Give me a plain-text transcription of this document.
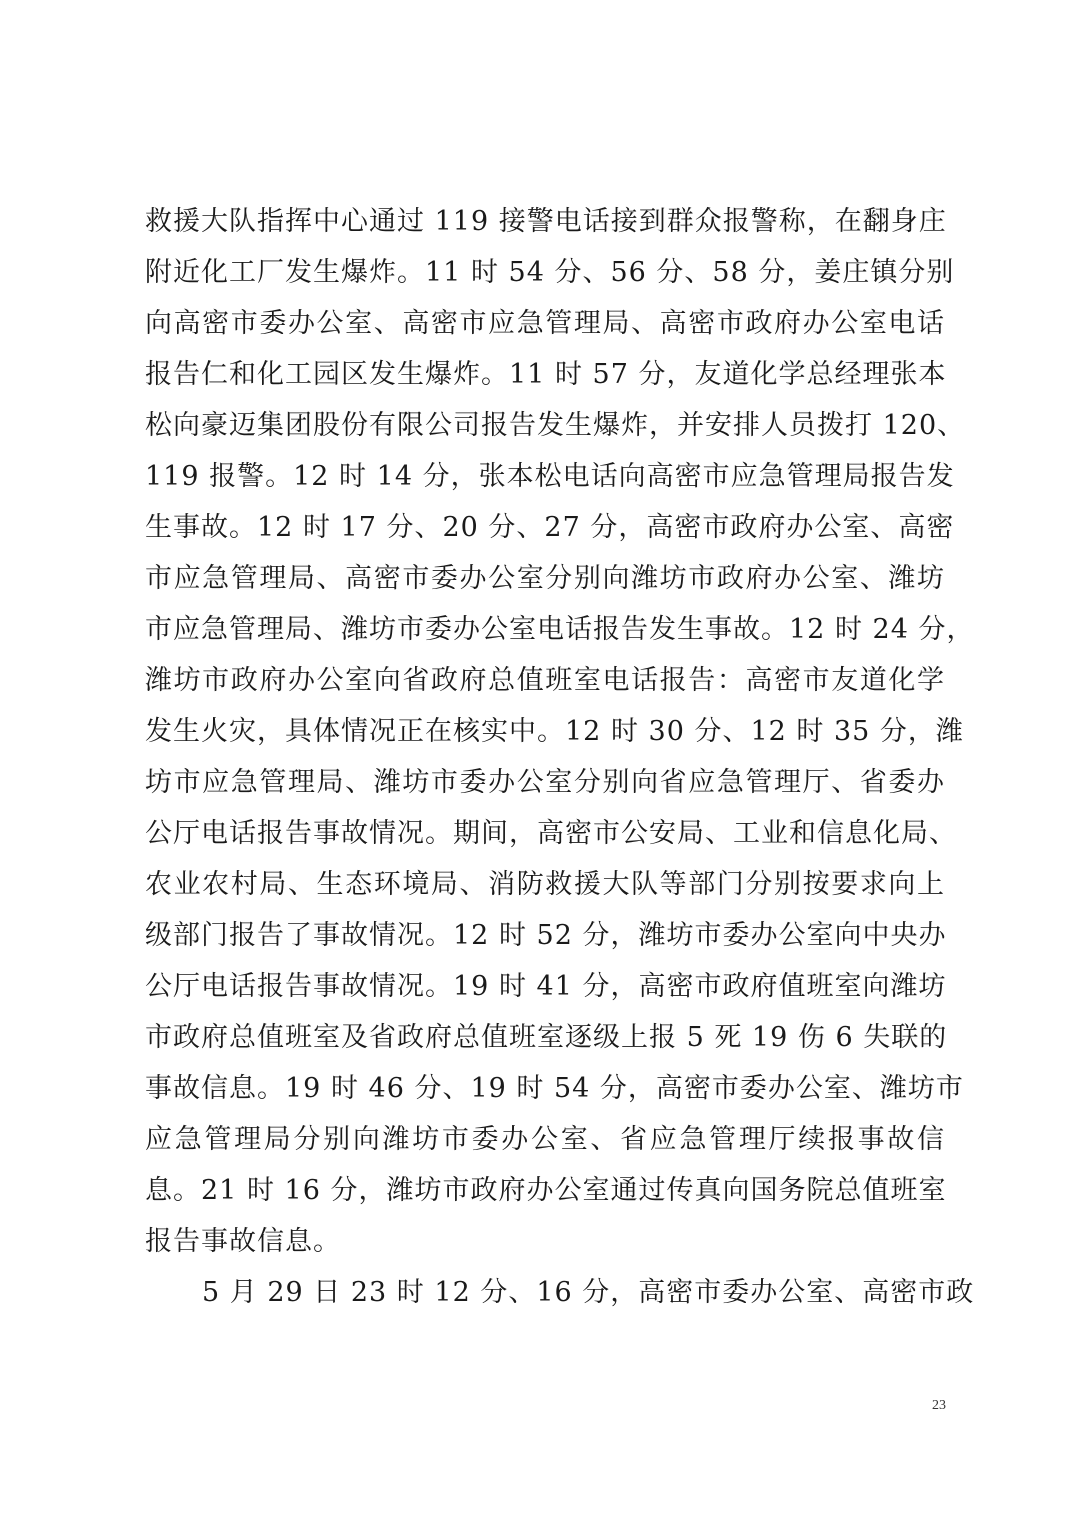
救援大队指挥中心通过 119 接警电话接到群众报警称，在翻身庄
附近化工厂发生爆炸。11 时 54 分、56 分、58 分，姜庄镇分别
向高密市委办公室、高密市应急管理局、高密市政府办公室电话
报告仁和化工园区发生爆炸。11 时 57 分，友道化学总经理张本
松向豪迈集团股份有限公司报告发生爆炸，并安排人员拨打 120、
119 报警。12 时 14 分，张本松电话向高密市应急管理局报告发
生事故。12 时 17 分、20 分、27 分，高密市政府办公室、高密
市应急管理局、高密市委办公室分别向潍坊市政府办公室、潍坊
市应急管理局、潍坊市委办公室电话报告发生事故。12 时 24 分，
潍坊市政府办公室向省政府总值班室电话报告：高密市友道化学
发生火灾，具体情况正在核实中。12 时 30 分、12 时 35 分，潍
坊市应急管理局、潍坊市委办公室分别向省应急管理厅、省委办
公厅电话报告事故情况。期间，高密市公安局、工业和信息化局、
农业农村局、生态环境局、消防救援大队等部门分别按要求向上
级部门报告了事故情况。12 时 52 分，潍坊市委办公室向中央办
公厅电话报告事故情况。19 时 41 分，高密市政府值班室向潍坊
市政府总值班室及省政府总值班室逐级上报 5 死 19 伤 6 失联的
事故信息。19 时 46 分、19 时 54 分，高密市委办公室、潍坊市
应急管理局分别向潍坊市委办公室、省应急管理厅续报事故信
息。21 时 16 分，潍坊市政府办公室通过传真向国务院总值班室
报告事故信息。
5 月 29 日 23 时 12 分、16 分，高密市委办公室、高密市政
23
